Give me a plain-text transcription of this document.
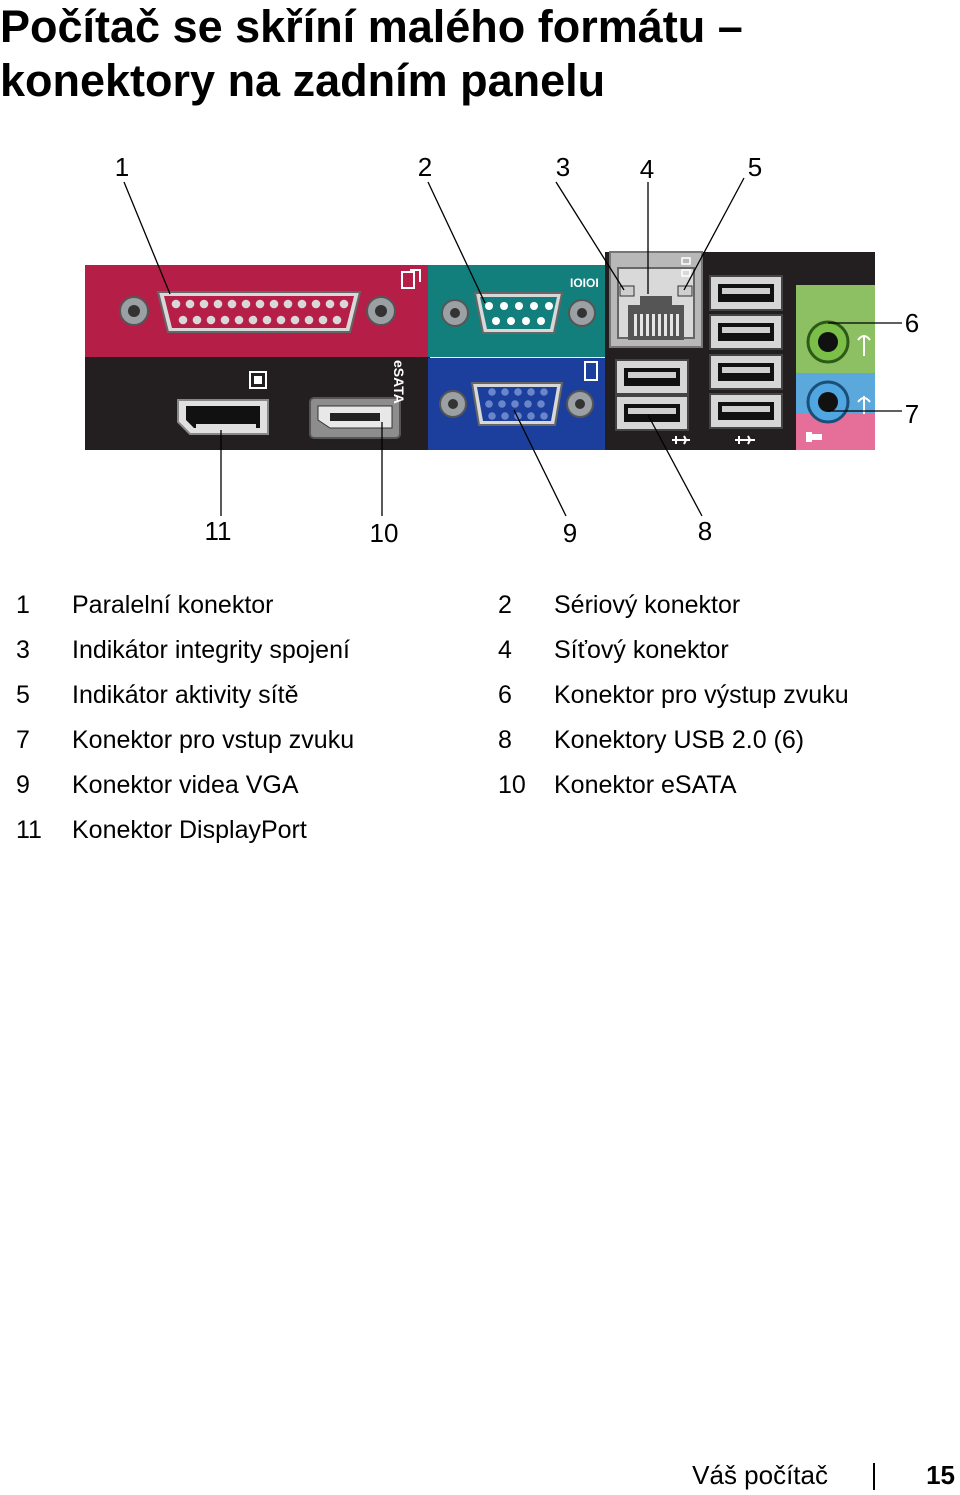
Počítač se skříní malého formátu –
konektory na zadním panelu
IOIOI
eSATA
1	2	3	4	5
6
7
8
9
10
11
1	Paralelní konektor	2	Sériový konektor
3	Indikátor integrity spojení	4	Síťový konektor
5	Indikátor aktivity sítě	6	Konektor pro výstup zvuku
7	Konektor pro vstup zvuku	8	Konektory USB 2.0 (6)
9	Konektor videa VGA	10	Konektor eSATA
11	Konektor DisplayPort
Váš počítač	15
